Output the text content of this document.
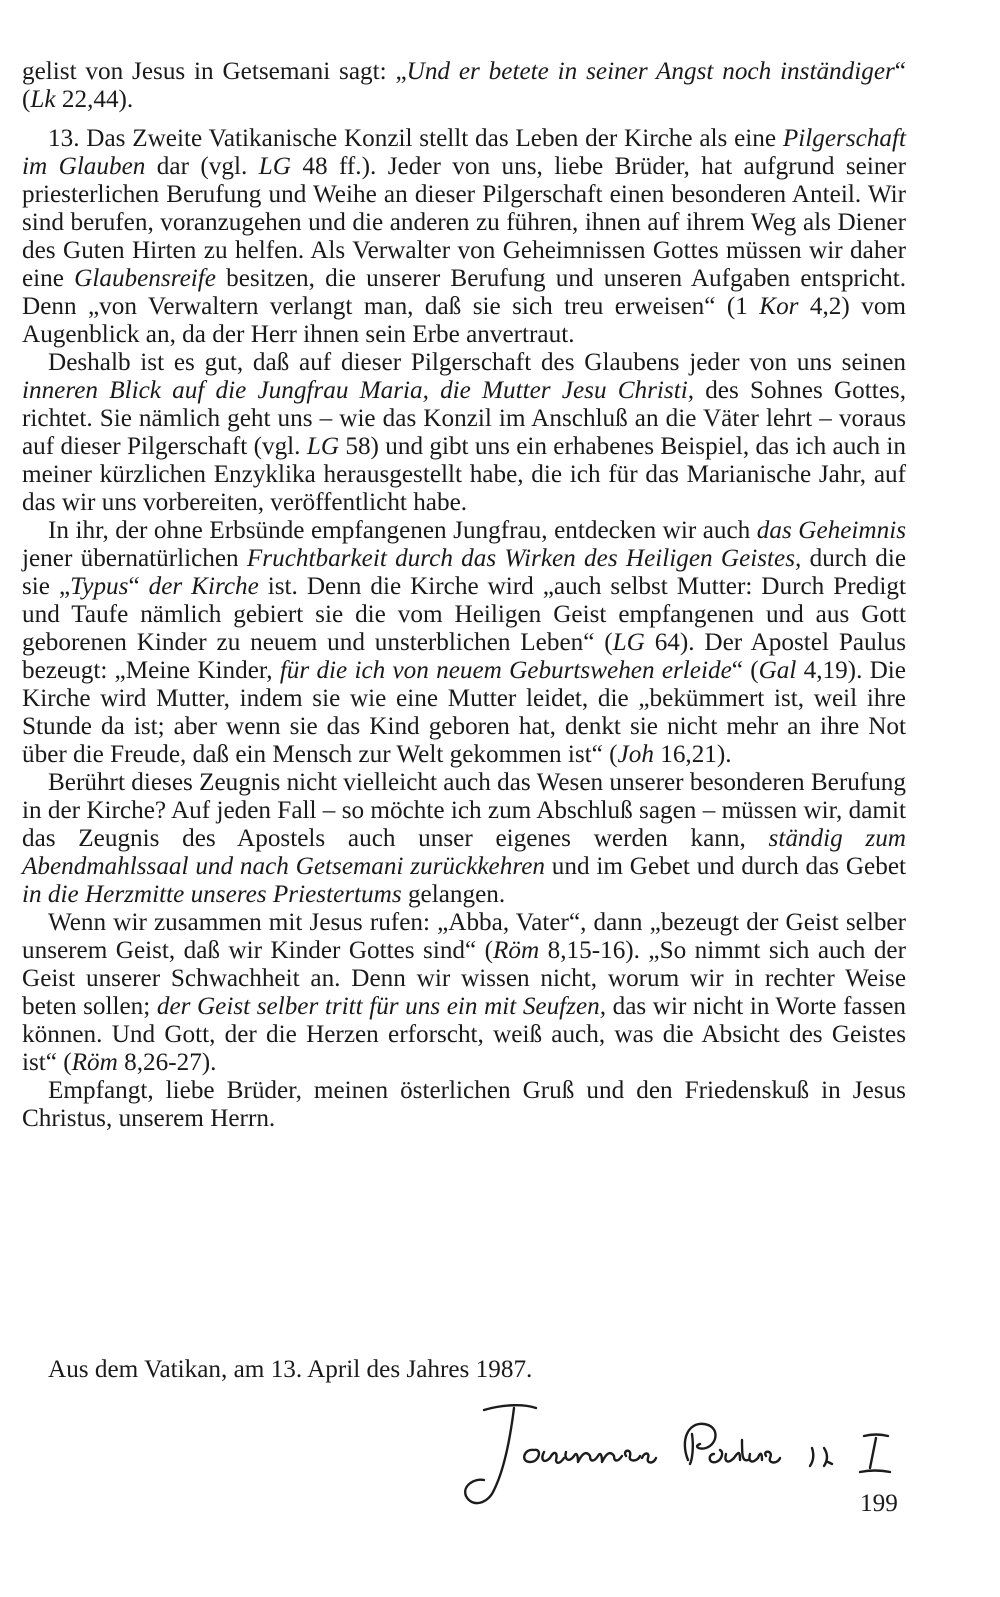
gelist von Jesus in Getsemani sagt: „Und er betete in seiner Angst noch inständiger“ (Lk 22,44).

13. Das Zweite Vatikanische Konzil stellt das Leben der Kirche als eine Pilgerschaft im Glauben dar (vgl. LG 48 ff.). Jeder von uns, liebe Brüder, hat aufgrund seiner priesterlichen Berufung und Weihe an dieser Pilgerschaft einen besonderen Anteil. Wir sind berufen, voranzugehen und die anderen zu führen, ihnen auf ihrem Weg als Diener des Guten Hirten zu helfen. Als Verwalter von Geheimnissen Gottes müssen wir daher eine Glaubensreife besitzen, die unserer Berufung und unseren Aufgaben entspricht. Denn „von Verwaltern verlangt man, daß sie sich treu erweisen“ (1 Kor 4,2) vom Augenblick an, da der Herr ihnen sein Erbe anvertraut.

Deshalb ist es gut, daß auf dieser Pilgerschaft des Glaubens jeder von uns seinen inneren Blick auf die Jungfrau Maria, die Mutter Jesu Christi, des Sohnes Gottes, richtet. Sie nämlich geht uns – wie das Konzil im Anschluß an die Väter lehrt – voraus auf dieser Pilgerschaft (vgl. LG 58) und gibt uns ein erhabenes Beispiel, das ich auch in meiner kürzlichen Enzyklika herausgestellt habe, die ich für das Marianische Jahr, auf das wir uns vorbereiten, veröffentlicht habe.

In ihr, der ohne Erbsünde empfangenen Jungfrau, entdecken wir auch das Geheimnis jener übernatürlichen Fruchtbarkeit durch das Wirken des Heiligen Geistes, durch die sie „Typus“ der Kirche ist. Denn die Kirche wird „auch selbst Mutter: Durch Predigt und Taufe nämlich gebiert sie die vom Heiligen Geist empfangenen und aus Gott geborenen Kinder zu neuem und unsterblichen Leben“ (LG 64). Der Apostel Paulus bezeugt: „Meine Kinder, für die ich von neuem Geburtswehen erleide“ (Gal 4,19). Die Kirche wird Mutter, indem sie wie eine Mutter leidet, die „bekümmert ist, weil ihre Stunde da ist; aber wenn sie das Kind geboren hat, denkt sie nicht mehr an ihre Not über die Freude, daß ein Mensch zur Welt gekommen ist“ (Joh 16,21).

Berührt dieses Zeugnis nicht vielleicht auch das Wesen unserer besonderen Berufung in der Kirche? Auf jeden Fall – so möchte ich zum Abschluß sagen – müssen wir, damit das Zeugnis des Apostels auch unser eigenes werden kann, ständig zum Abendmahlssaal und nach Getsemani zurückkehren und im Gebet und durch das Gebet in die Herzmitte unseres Priestertums gelangen.

Wenn wir zusammen mit Jesus rufen: „Abba, Vater“, dann „bezeugt der Geist selber unserem Geist, daß wir Kinder Gottes sind“ (Röm 8,15-16). „So nimmt sich auch der Geist unserer Schwachheit an. Denn wir wissen nicht, worum wir in rechter Weise beten sollen; der Geist selber tritt für uns ein mit Seufzen, das wir nicht in Worte fassen können. Und Gott, der die Herzen erforscht, weiß auch, was die Absicht des Geistes ist“ (Röm 8,26-27).

Empfangt, liebe Brüder, meinen österlichen Gruß und den Friedenskuß in Jesus Christus, unserem Herrn.

Aus dem Vatikan, am 13. April des Jahres 1987.
199
